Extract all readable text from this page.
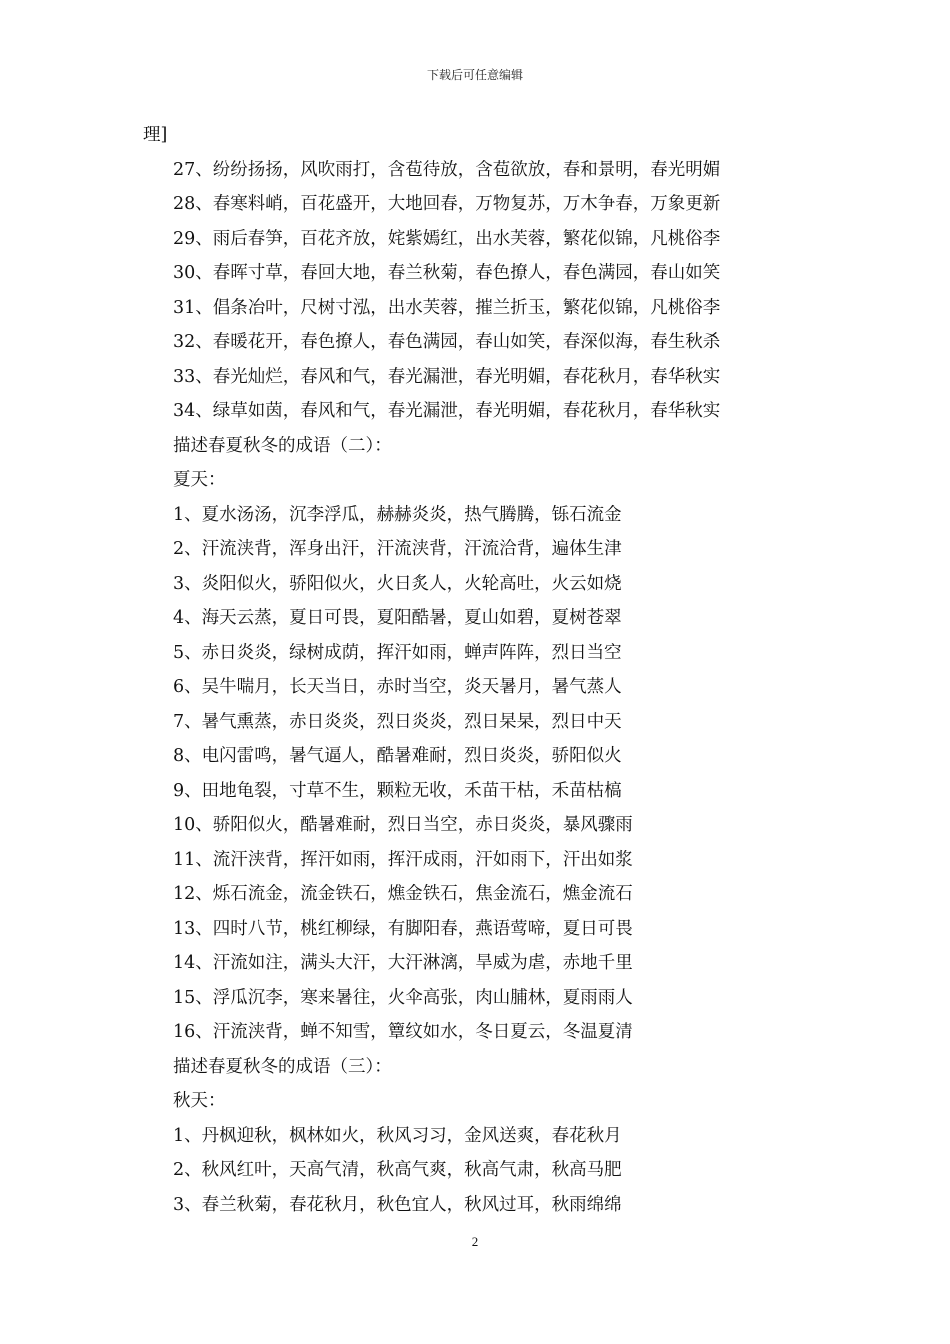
下载后可任意编辑
理]
27、纷纷扬扬，风吹雨打，含苞待放，含苞欲放，春和景明，春光明媚
28、春寒料峭，百花盛开，大地回春，万物复苏，万木争春，万象更新
29、雨后春笋，百花齐放，姹紫嫣红，出水芙蓉，繁花似锦，凡桃俗李
30、春晖寸草，春回大地，春兰秋菊，春色撩人，春色满园，春山如笑
31、倡条冶叶，尺树寸泓，出水芙蓉，摧兰折玉，繁花似锦，凡桃俗李
32、春暖花开，春色撩人，春色满园，春山如笑，春深似海，春生秋杀
33、春光灿烂，春风和气，春光漏泄，春光明媚，春花秋月，春华秋实
34、绿草如茵，春风和气，春光漏泄，春光明媚，春花秋月，春华秋实
描述春夏秋冬的成语（二）：
夏天：
1、夏水汤汤，沉李浮瓜，赫赫炎炎，热气腾腾，铄石流金
2、汗流浃背，浑身出汗，汗流浃背，汗流洽背，遍体生津
3、炎阳似火，骄阳似火，火日炙人，火轮高吐，火云如烧
4、海天云蒸，夏日可畏，夏阳酷暑，夏山如碧，夏树苍翠
5、赤日炎炎，绿树成荫，挥汗如雨，蝉声阵阵，烈日当空
6、吴牛喘月，长天当日，赤时当空，炎天暑月，暑气蒸人
7、暑气熏蒸，赤日炎炎，烈日炎炎，烈日杲杲，烈日中天
8、电闪雷鸣，暑气逼人，酷暑难耐，烈日炎炎，骄阳似火
9、田地龟裂，寸草不生，颗粒无收，禾苗干枯，禾苗枯槁
10、骄阳似火，酷暑难耐，烈日当空，赤日炎炎，暴风骤雨
11、流汗浃背，挥汗如雨，挥汗成雨，汗如雨下，汗出如浆
12、烁石流金，流金铁石，燋金铁石，焦金流石，燋金流石
13、四时八节，桃红柳绿，有脚阳春，燕语莺啼，夏日可畏
14、汗流如注，满头大汗，大汗淋漓，旱威为虐，赤地千里
15、浮瓜沉李，寒来暑往，火伞高张，肉山脯林，夏雨雨人
16、汗流浃背，蝉不知雪，簟纹如水，冬日夏云，冬温夏清
描述春夏秋冬的成语（三）：
秋天：
1、丹枫迎秋，枫林如火，秋风习习，金风送爽，春花秋月
2、秋风红叶，天高气清，秋高气爽，秋高气肃，秋高马肥
3、春兰秋菊，春花秋月，秋色宜人，秋风过耳，秋雨绵绵
2
